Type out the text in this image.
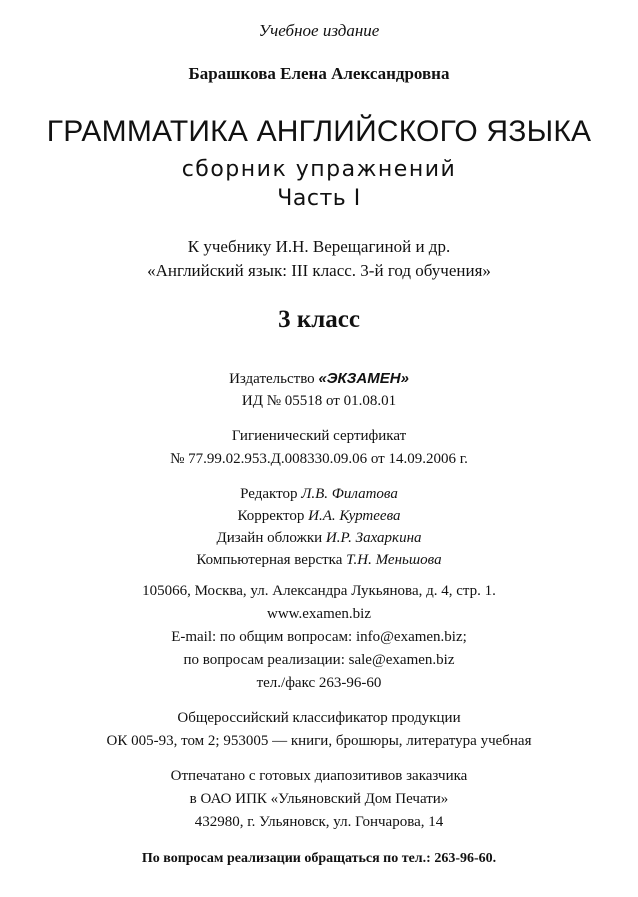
Учебное издание
Барашкова Елена Александровна
ГРАММАТИКА АНГЛИЙСКОГО ЯЗЫКА
сборник упражнений
Часть I
К учебнику И.Н. Верещагиной и др.
«Английский язык: III класс. 3-й год обучения»
3 класс
Издательство «ЭКЗАМЕН»
ИД № 05518 от 01.08.01
Гигиенический сертификат
№ 77.99.02.953.Д.008330.09.06 от 14.09.2006 г.
Редактор Л.В. Филатова
Корректор И.А. Куртеева
Дизайн обложки И.Р. Захаркина
Компьютерная верстка Т.Н. Меньшова
105066, Москва, ул. Александра Лукьянова, д. 4, стр. 1.
www.examen.biz
E-mail: по общим вопросам: info@examen.biz;
по вопросам реализации: sale@examen.biz
тел./факс 263-96-60
Общероссийский классификатор продукции
ОК 005-93, том 2; 953005 — книги, брошюры, литература учебная
Отпечатано с готовых диапозитивов заказчика
в ОАО ИПК «Ульяновский Дом Печати»
432980, г. Ульяновск, ул. Гончарова, 14
По вопросам реализации обращаться по тел.: 263-96-60.
